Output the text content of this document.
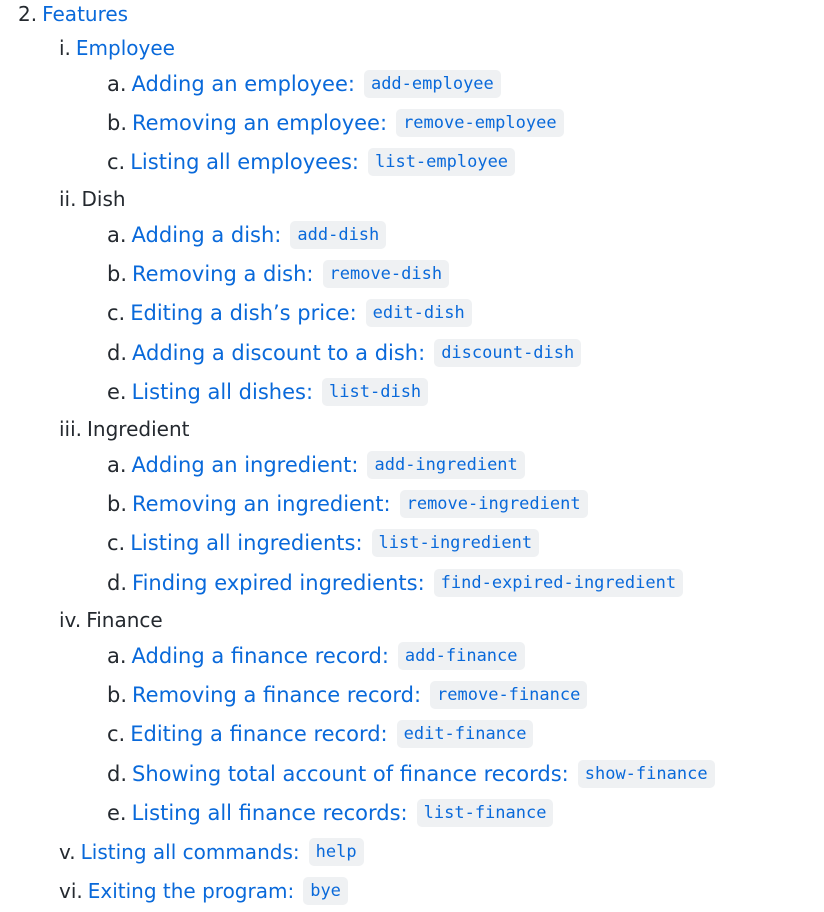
2. Features
i. Employee
a. Adding an employee: add-employee
b. Removing an employee: remove-employee
c. Listing all employees: list-employee
ii. Dish
a. Adding a dish: add-dish
b. Removing a dish: remove-dish
c. Editing a dish’s price: edit-dish
d. Adding a discount to a dish: discount-dish
e. Listing all dishes: list-dish
iii. Ingredient
a. Adding an ingredient: add-ingredient
b. Removing an ingredient: remove-ingredient
c. Listing all ingredients: list-ingredient
d. Finding expired ingredients: find-expired-ingredient
iv. Finance
a. Adding a finance record: add-finance
b. Removing a finance record: remove-finance
c. Editing a finance record: edit-finance
d. Showing total account of finance records: show-finance
e. Listing all finance records: list-finance
v. Listing all commands: help
vi. Exiting the program: bye
